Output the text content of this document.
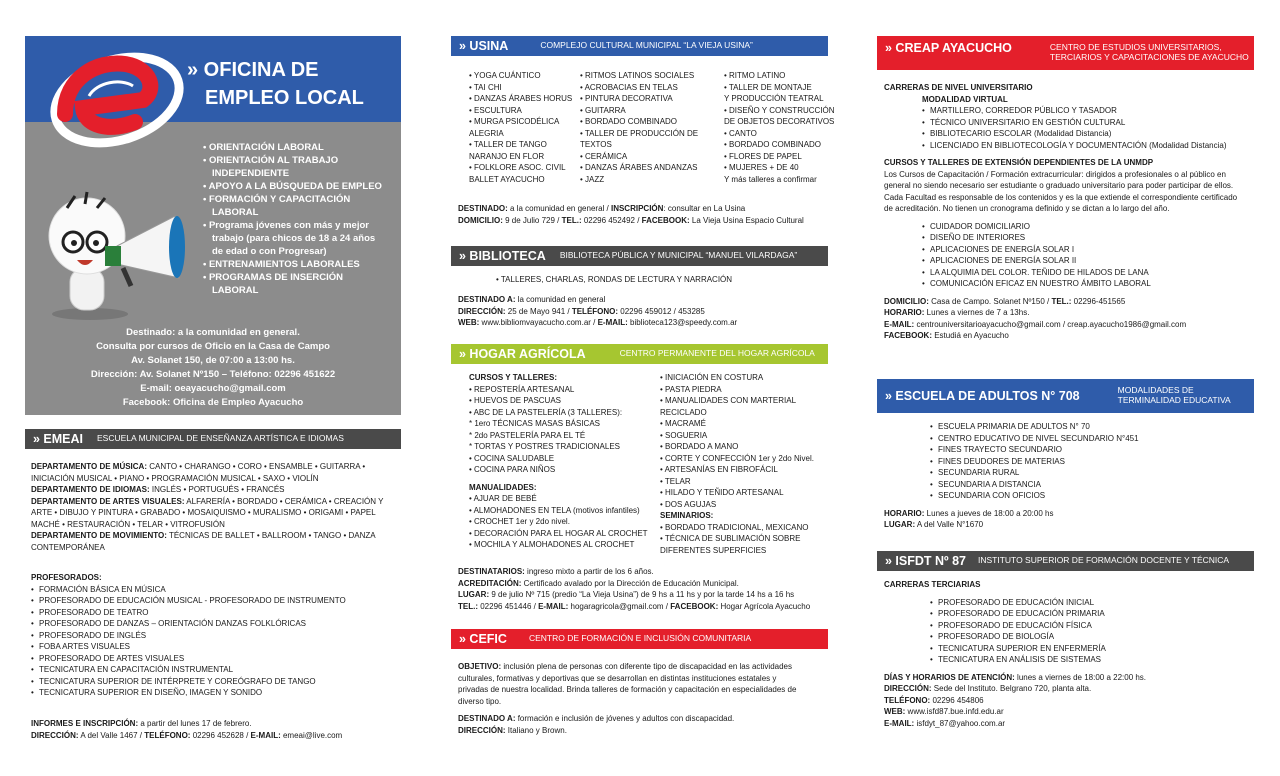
» OFICINA DE
EMPLEO LOCAL
• ORIENTACIÓN LABORAL
• ORIENTACIÓN AL TRABAJO
INDEPENDIENTE
• APOYO A LA BÚSQUEDA DE EMPLEO
• FORMACIÓN Y CAPACITACIÓN
LABORAL
• Programa jóvenes con más y mejor
trabajo (para chicos de 18 a 24 años
de edad o con Progresar)
• ENTRENAMIENTOS LABORALES
• PROGRAMAS DE INSERCIÓN
LABORAL
Destinado: a la comunidad en general.
Consulta por cursos de Oficio en la Casa de Campo
Av. Solanet 150, de 07:00 a 13:00 hs.
Dirección: Av. Solanet Nº150 – Teléfono: 02296 451622
E-mail: oeayacucho@gmail.com
Facebook: Oficina de Empleo Ayacucho
» EMEAI ESCUELA MUNICIPAL DE ENSEÑANZA ARTÍSTICA E IDIOMAS
DEPARTAMENTO DE MÚSICA: CANTO • CHARANGO • CORO • ENSAMBLE • GUITARRA •
INICIACIÓN MUSICAL • PIANO • PROGRAMACIÓN MUSICAL • SAXO • VIOLÍN
DEPARTAMENTO DE IDIOMAS: INGLÉS • PORTUGUÉS • FRANCÉS
DEPARTAMENTO DE ARTES VISUALES: ALFARERÍA • BORDADO • CERÁMICA • CREACIÓN Y
ARTE • DIBUJO Y PINTURA • GRABADO • MOSAIQUISMO • MURALISMO • ORIGAMI • PAPEL
MACHÉ • RESTAURACIÓN • TELAR • VITROFUSIÓN
DEPARTAMENTO DE MOVIMIENTO: TÉCNICAS DE BALLET • BALLROOM • TANGO • DANZA
CONTEMPORÁNEA
PROFESORADOS:
• FORMACIÓN BÁSICA EN MÚSICA
• PROFESORADO DE EDUCACIÓN MUSICAL - PROFESORADO DE INSTRUMENTO
• PROFESORADO DE TEATRO
• PROFESORADO DE DANZAS – ORIENTACIÓN DANZAS FOLKLÓRICAS
• PROFESORADO DE INGLÉS
• FOBA ARTES VISUALES
• PROFESORADO DE ARTES VISUALES
• TECNICATURA EN CAPACITACIÓN INSTRUMENTAL
• TECNICATURA SUPERIOR DE INTÉRPRETE Y COREÓGRAFO DE TANGO
• TECNICATURA SUPERIOR EN DISEÑO, IMAGEN Y SONIDO
INFORMES E INSCRIPCIÓN: a partir del lunes 17 de febrero.
DIRECCIÓN: A del Valle 1467 / TELÉFONO: 02296 452628 / E-MAIL: emeai@live.com
» USINA	COMPLEJO CULTURAL MUNICIPAL “LA VIEJA USINA”
• YOGA CUÁNTICO
• TAI CHI
• DANZAS ÁRABES HORUS
• ESCULTURA
• MURGA PSICODÉLICA
ALEGRIA
• TALLER DE TANGO
NARANJO EN FLOR
• FOLKLORE ASOC. CIVIL
BALLET AYACUCHO
• RITMOS LATINOS SOCIALES
• ACROBACIAS EN TELAS
• PINTURA DECORATIVA
• GUITARRA
• BORDADO COMBINADO
• TALLER DE PRODUCCIÓN DE
TEXTOS
• CERÁMICA
• DANZAS ÁRABES ANDANZAS
• JAZZ
• RITMO LATINO
• TALLER DE MONTAJE
Y PRODUCCIÓN TEATRAL
• DISEÑO Y CONSTRUCCIÓN
DE OBJETOS DECORATIVOS
• CANTO
• BORDADO COMBINADO
• FLORES DE PAPEL
• MUJERES + DE 40
Y más talleres a confirmar
DESTINADO: a la comunidad en general / INSCRIPCIÓN: consultar en La Usina
DOMICILIO: 9 de Julio 729 / TEL.: 02296 452492 / FACEBOOK: La Vieja Usina Espacio Cultural
» BIBLIOTECA BIBLIOTECA PÚBLICA Y MUNICIPAL “MANUEL VILARDAGA”
• TALLERES, CHARLAS, RONDAS DE LECTURA Y NARRACIÓN
DESTINADO A: la comunidad en general
DIRECCIÓN: 25 de Mayo 941 / TELÉFONO: 02296 459012 / 453285
WEB: www.bibliomvayacucho.com.ar / E-MAIL: biblioteca123@speedy.com.ar
» HOGAR AGRÍCOLA	CENTRO PERMANENTE DEL HOGAR AGRÍCOLA
CURSOS Y TALLERES:
• REPOSTERÍA ARTESANAL
• HUEVOS DE PASCUAS
• ABC DE LA PASTELERÍA (3 TALLERES):
* 1ero TÉCNICAS MASAS BÁSICAS
* 2do PASTELERÍA PARA EL TÉ
* TORTAS Y POSTRES TRADICIONALES
• COCINA SALUDABLE
• COCINA PARA NIÑOS
MANUALIDADES:
• AJUAR DE BEBÉ
• ALMOHADONES EN TELA (motivos infantiles)
• CROCHET 1er y 2do nivel.
• DECORACIÓN PARA EL HOGAR AL CROCHET
• MOCHILA Y ALMOHADONES AL CROCHET
• INICIACIÓN EN COSTURA
• PASTA PIEDRA
• MANUALIDADES CON MARTERIAL
RECICLADO
• MACRAMÉ
• SOGUERIA
• BORDADO A MANO
• CORTE Y CONFECCIÓN 1er y 2do Nivel.
• ARTESANÍAS EN FIBROFÁCIL
• TELAR
• HILADO Y TEÑIDO ARTESANAL
• DOS AGUJAS
SEMINARIOS:
• BORDADO TRADICIONAL, MEXICANO
• TÉCNICA DE SUBLIMACIÓN SOBRE
DIFERENTES SUPERFICIES
DESTINATARIOS: ingreso mixto a partir de los 6 años.
ACREDITACIÓN: Certificado avalado por la Dirección de Educación Municipal.
LUGAR: 9 de julio Nº 715 (predio “La Vieja Usina”) de 9 hs a 11 hs y por la tarde 14 hs a 16 hs
TEL.: 02296 451446 / E-MAIL: hogaragricola@gmail.com / FACEBOOK: Hogar Agrícola Ayacucho
» CEFIC	CENTRO DE FORMACIÓN E INCLUSIÓN COMUNITARIA
OBJETIVO: inclusión plena de personas con diferente tipo de discapacidad en las actividades
culturales, formativas y deportivas que se desarrollan en distintas instituciones estatales y
privadas de nuestra localidad. Brinda talleres de formación y capacitación en especialidades de
diverso tipo.
DESTINADO A: formación e inclusión de jóvenes y adultos con discapacidad.
DIRECCIÓN: Italiano y Brown.
» CREAP AYACUCHO	CENTRO DE ESTUDIOS UNIVERSITARIOS,
TERCIARIOS Y CAPACITACIONES DE AYACUCHO
CARRERAS DE NIVEL UNIVERSITARIO
MODALIDAD VIRTUAL
• MARTILLERO, CORREDOR PÚBLICO Y TASADOR
• TÉCNICO UNIVERSITARIO EN GESTIÓN CULTURAL
• BIBLIOTECARIO ESCOLAR (Modalidad Distancia)
• LICENCIADO EN BIBLIOTECOLOGÍA Y DOCUMENTACIÓN (Modalidad Distancia)
CURSOS Y TALLERES DE EXTENSIÓN DEPENDIENTES DE LA UNMDP
Los Cursos de Capacitación / Formación extracurricular: dirigidos a profesionales o al público en
general no siendo necesario ser estudiante o graduado universitario para poder participar de ellos.
Cada Facultad es responsable de los contenidos y es la que extiende el correspondiente certificado
de acreditación. No tienen un cronograma definido y se dictan a lo largo del año.
• CUIDADOR DOMICILIARIO
• DISEÑO DE INTERIORES
• APLICACIONES DE ENERGÍA SOLAR I
• APLICACIONES DE ENERGÍA SOLAR II
• LA ALQUIMIA DEL COLOR. TEÑIDO DE HILADOS DE LANA
• COMUNICACIÓN EFICAZ EN NUESTRO ÁMBITO LABORAL
DOMICILIO: Casa de Campo. Solanet Nº150 / TEL.: 02296-451565
HORARIO: Lunes a viernes de 7 a 13hs.
E-MAIL: centrouniversitarioayacucho@gmail.com / creap.ayacucho1986@gmail.com
FACEBOOK: Estudiá en Ayacucho
» ESCUELA DE ADULTOS N° 708	MODALIDADES DE
TERMINALIDAD EDUCATIVA
• ESCUELA PRIMARIA DE ADULTOS N° 70
• CENTRO EDUCATIVO DE NIVEL SECUNDARIO N°451
• FINES TRAYECTO SECUNDARIO
• FINES DEUDORES DE MATERIAS
• SECUNDARIA RURAL
• SECUNDARIA A DISTANCIA
• SECUNDARIA CON OFICIOS
HORARIO: Lunes a jueves de 18:00 a 20:00 hs
LUGAR: A del Valle N°1670
» ISFDT Nº 87 INSTITUTO SUPERIOR DE FORMACIÓN DOCENTE Y TÉCNICA
CARRERAS TERCIARIAS
• PROFESORADO DE EDUCACIÓN INICIAL
• PROFESORADO DE EDUCACIÓN PRIMARIA
• PROFESORADO DE EDUCACIÓN FÍSICA
• PROFESORADO DE BIOLOGÍA
• TECNICATURA SUPERIOR EN ENFERMERÍA
• TECNICATURA EN ANÁLISIS DE SISTEMAS
DÍAS Y HORARIOS DE ATENCIÓN: lunes a viernes de 18:00 a 22:00 hs.
DIRECCIÓN: Sede del Instituto. Belgrano 720, planta alta.
TELÉFONO: 02296 454806
WEB: www.isfd87.bue.infd.edu.ar
E-MAIL: isfdyt_87@yahoo.com.ar
